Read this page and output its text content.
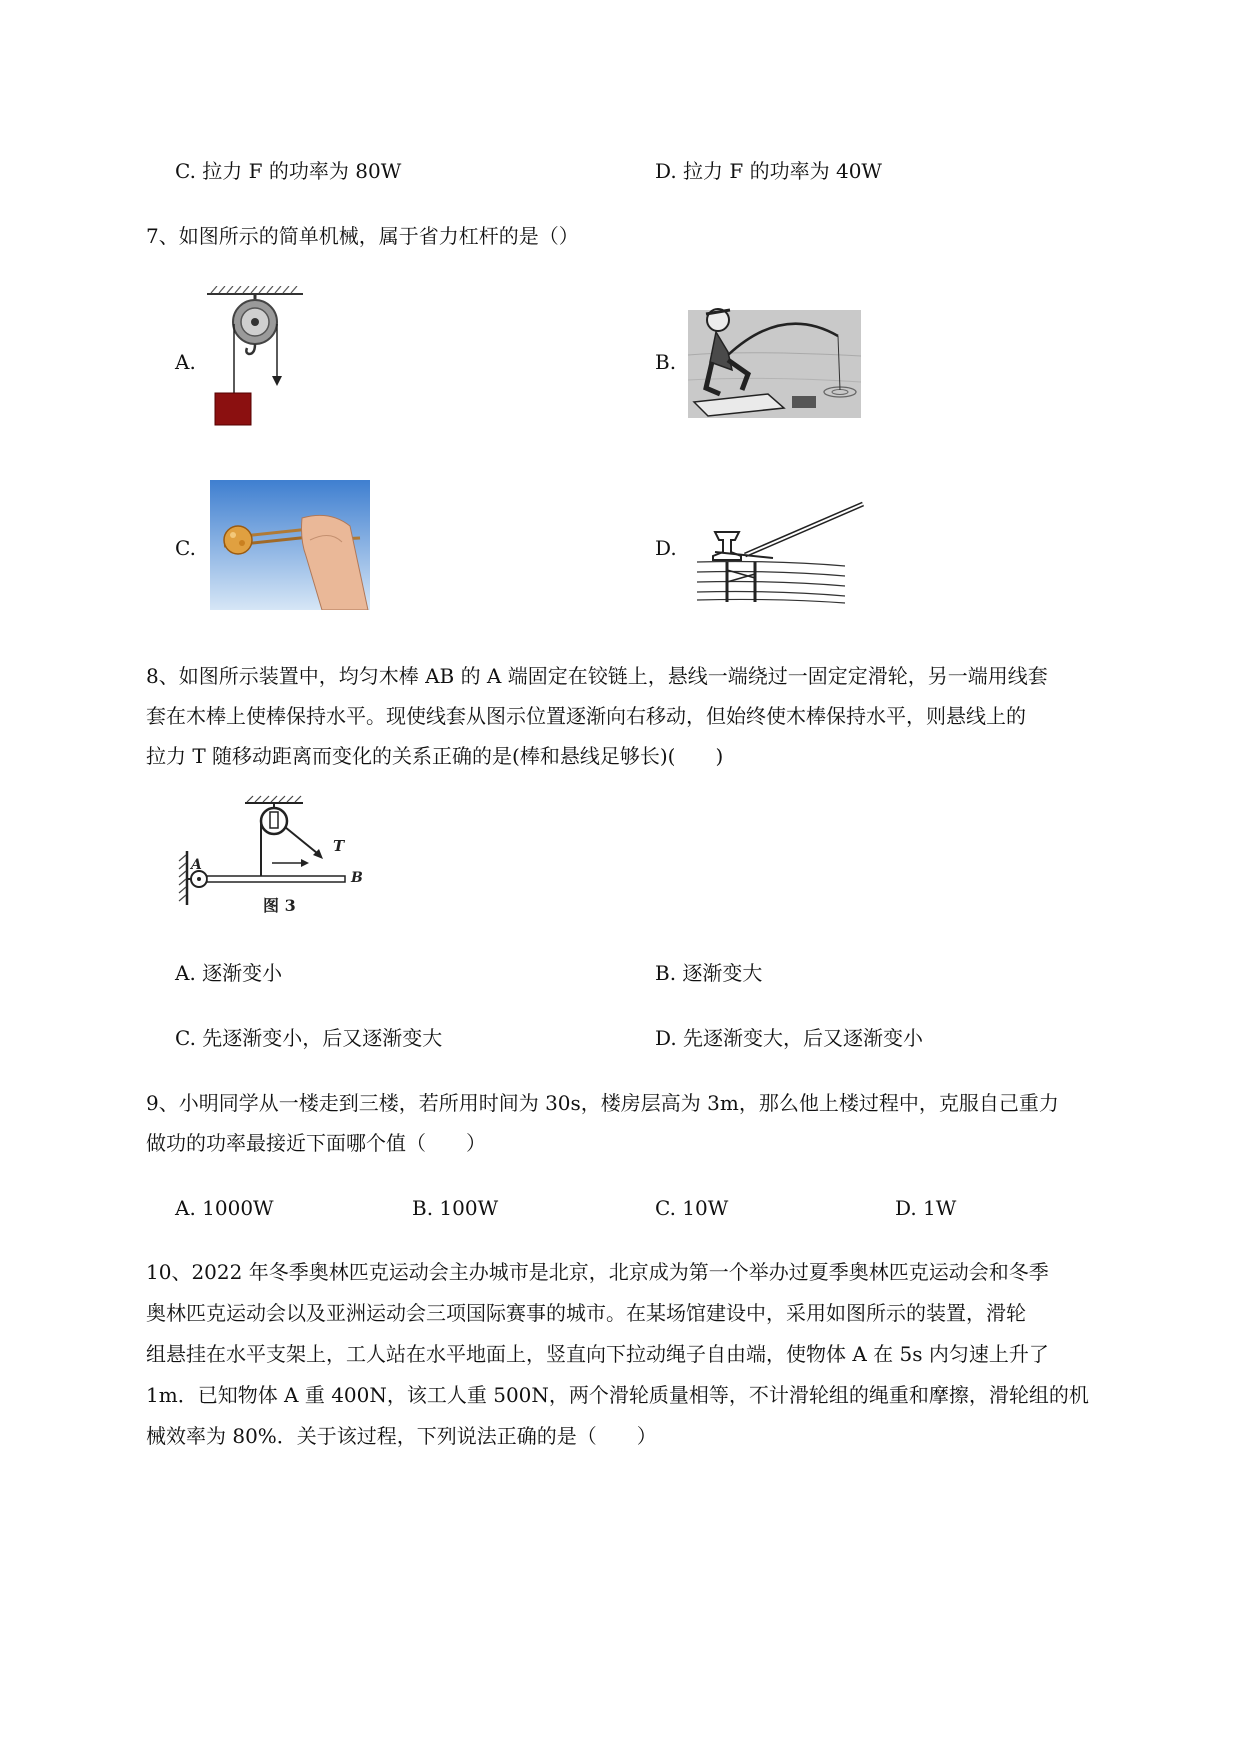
C. 拉力 F 的功率为 80W	D. 拉力 F 的功率为 40W
7、如图所示的简单机械，属于省力杠杆的是（）
A.	B.
C.	D.
8、如图所示装置中，均匀木棒 AB 的 A 端固定在铰链上，悬线一端绕过一固定定滑轮，另一端用线套
套在木棒上使棒保持水平。现使线套从图示位置逐渐向右移动，但始终使木棒保持水平，则悬线上的
拉力 T 随移动距离而变化的关系正确的是(棒和悬线足够长)(　　)
T
A
B
图 3
A. 逐渐变小	B. 逐渐变大
C. 先逐渐变小，后又逐渐变大	D. 先逐渐变大，后又逐渐变小
9、小明同学从一楼走到三楼，若所用时间为 30s，楼房层高为 3m，那么他上楼过程中，克服自己重力
做功的功率最接近下面哪个值（　　）
A. 1000W	B. 100W	C. 10W	D. 1W
10、2022 年冬季奥林匹克运动会主办城市是北京，北京成为第一个举办过夏季奥林匹克运动会和冬季
奥林匹克运动会以及亚洲运动会三项国际赛事的城市。在某场馆建设中，采用如图所示的装置，滑轮
组悬挂在水平支架上，工人站在水平地面上，竖直向下拉动绳子自由端，使物体 A 在 5s 内匀速上升了
1m．已知物体 A 重 400N，该工人重 500N，两个滑轮质量相等，不计滑轮组的绳重和摩擦，滑轮组的机
械效率为 80%．关于该过程，下列说法正确的是（　　）
